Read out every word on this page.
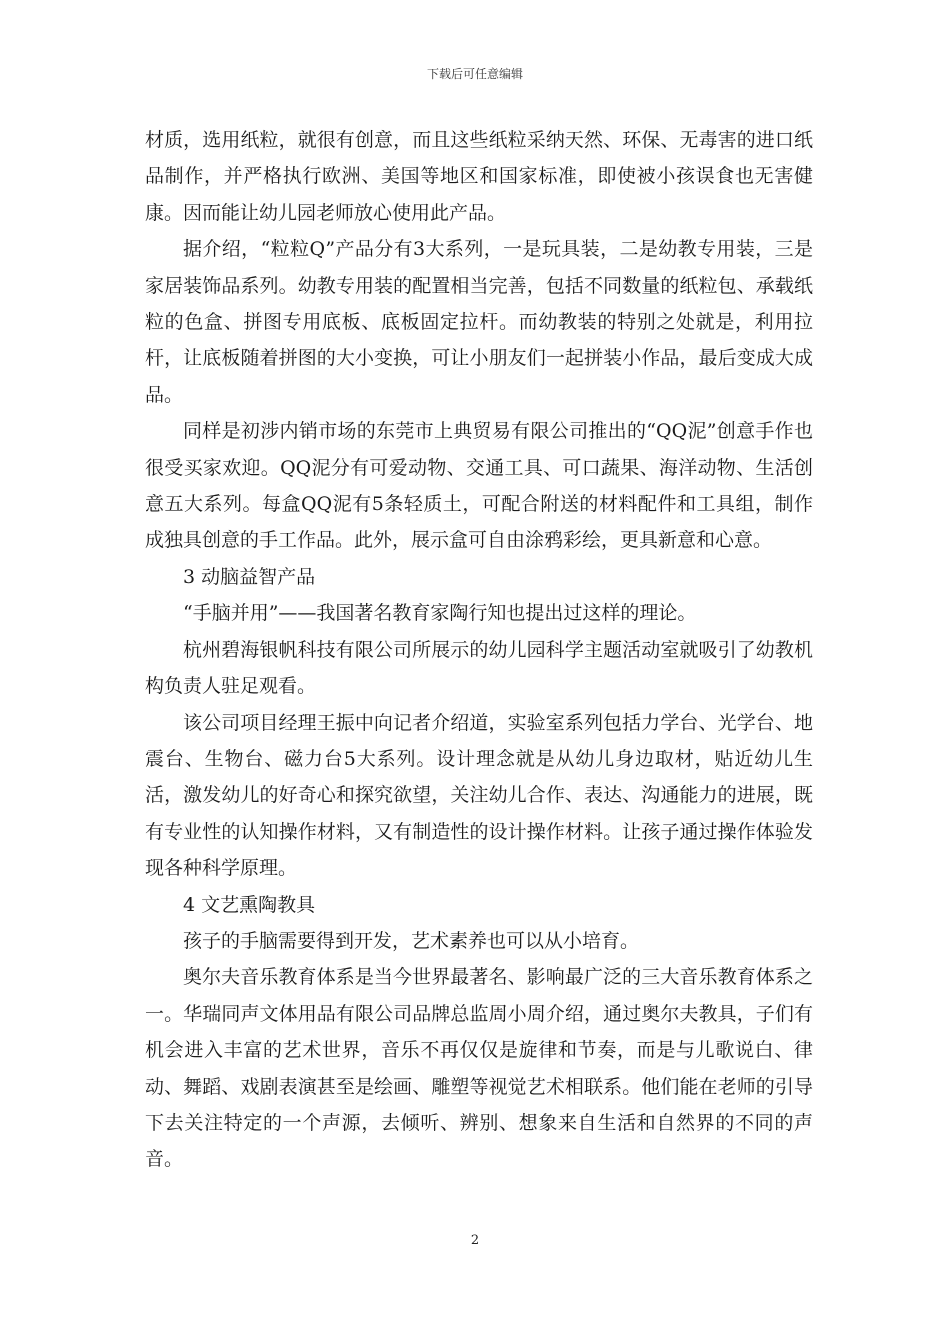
下载后可任意编辑

材质，选用纸粒，就很有创意，而且这些纸粒采纳天然、环保、无毒害的进口纸品制作，并严格执行欧洲、美国等地区和国家标准，即使被小孩误食也无害健康。因而能让幼儿园老师放心使用此产品。

据介绍，“粒粒Q”产品分有3大系列，一是玩具装，二是幼教专用装，三是家居装饰品系列。幼教专用装的配置相当完善，包括不同数量的纸粒包、承载纸粒的色盒、拼图专用底板、底板固定拉杆。而幼教装的特别之处就是，利用拉杆，让底板随着拼图的大小变换，可让小朋友们一起拼装小作品，最后变成大成品。

同样是初涉内销市场的东莞市上典贸易有限公司推出的“QQ泥”创意手作也很受买家欢迎。QQ泥分有可爱动物、交通工具、可口蔬果、海洋动物、生活创意五大系列。每盒QQ泥有5条轻质土，可配合附送的材料配件和工具组，制作成独具创意的手工作品。此外，展示盒可自由涂鸦彩绘，更具新意和心意。

3 动脑益智产品

“手脑并用”——我国著名教育家陶行知也提出过这样的理论。

杭州碧海银帆科技有限公司所展示的幼儿园科学主题活动室就吸引了幼教机构负责人驻足观看。

该公司项目经理王振中向记者介绍道，实验室系列包括力学台、光学台、地震台、生物台、磁力台5大系列。设计理念就是从幼儿身边取材，贴近幼儿生活，激发幼儿的好奇心和探究欲望，关注幼儿合作、表达、沟通能力的进展，既有专业性的认知操作材料，又有制造性的设计操作材料。让孩子通过操作体验发现各种科学原理。

4 文艺熏陶教具

孩子的手脑需要得到开发，艺术素养也可以从小培育。

奥尔夫音乐教育体系是当今世界最著名、影响最广泛的三大音乐教育体系之一。华瑞同声文体用品有限公司品牌总监周小周介绍，通过奥尔夫教具，子们有机会进入丰富的艺术世界，音乐不再仅仅是旋律和节奏，而是与儿歌说白、律动、舞蹈、戏剧表演甚至是绘画、雕塑等视觉艺术相联系。他们能在老师的引导下去关注特定的一个声源，去倾听、辨别、想象来自生活和自然界的不同的声音。

2
